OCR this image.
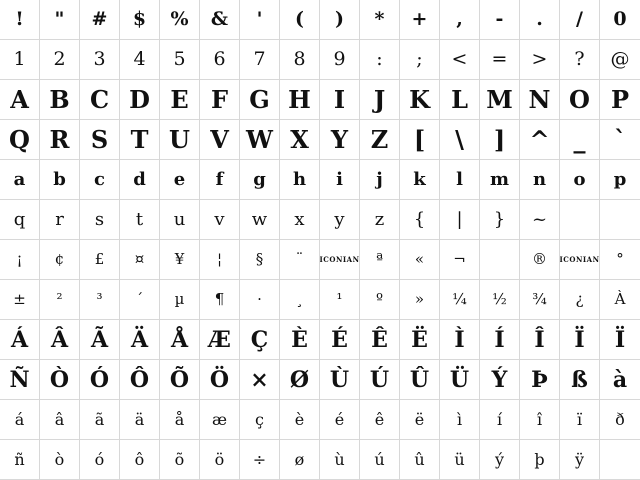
! " # $ % & ' ( ) * + , - . / 0
1 2 3 4 5 6 7 8 9 : ; < = > ? @
A B C D E F G H I J K L M N O P
Q R S T U V W X Y Z [ \ ] ^ _ `
a b c d e f g h i j k l m n o p
q r s t u v w x y z { | } ~
¡ ¢ £ ¤ ¥ ¦ § ¨ ICONIAN ª « ¬	® ICONIAN °
± ² ³ ´ µ ¶ · ¸ ¹ º » ¼ ½ ¾ ¿ À
Á Â Ã Ä Å Æ Ç È É Ê Ë Ì Í Î Ï Ï
Ñ Ò Ó Ô Õ Ö × Ø Ù Ú Û Ü Ý Þ ß à
á â ã ä å æ ç è é ê ë ì í î ï ð
ñ ò ó ô õ ö ÷ ø ù ú û ü ý þ ÿ
